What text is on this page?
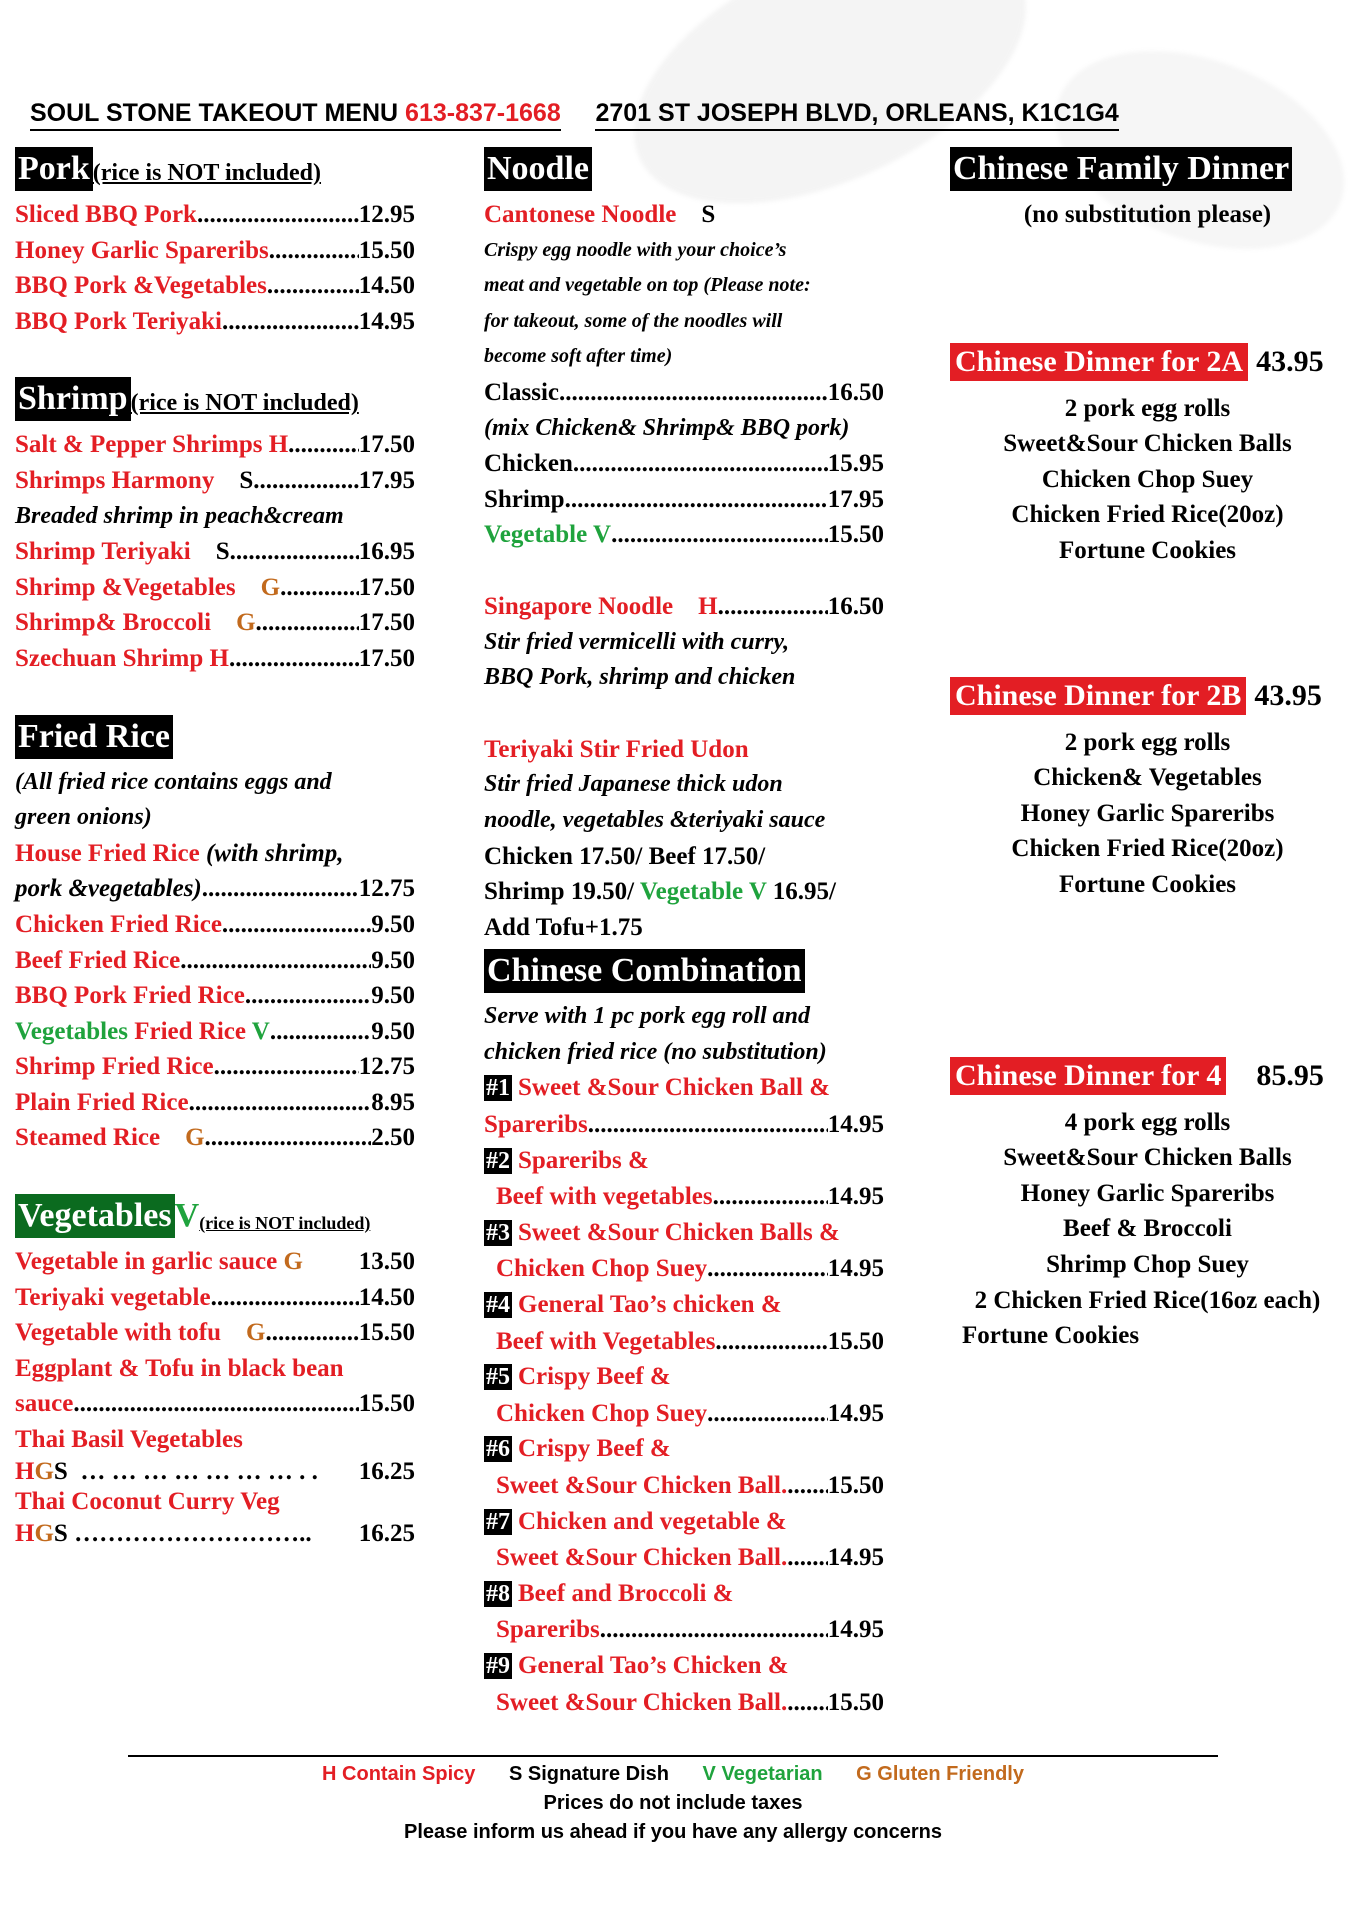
SOUL STONE TAKEOUT MENU 613-837-1668 2701 ST JOSEPH BLVD, ORLEANS, K1C1G4
Pork (rice is NOT included)
Sliced BBQ Pork .....	12.95
Honey Garlic Spareribs .....	15.50
BBQ Pork &Vegetables .....	14.50
BBQ Pork Teriyaki .....	14.95
Shrimp (rice is NOT included)
Salt & Pepper Shrimps H .....	17.50
Shrimps Harmony S .....	17.95
Breaded shrimp in peach&cream
Shrimp Teriyaki S .....	16.95
Shrimp &Vegetables G .....	17.50
Shrimp& Broccoli G .....	17.50
Szechuan Shrimp H .....	17.50
Fried Rice
(All fried rice contains eggs and
green onions)
House Fried Rice (with shrimp,
pork &vegetables) .....	12.75
Chicken Fried Rice .....	9.50
Beef Fried Rice .....	9.50
BBQ Pork Fried Rice .....	9.50
Vegetables Fried Rice V .....	9.50
Shrimp Fried Rice .....	12.75
Plain Fried Rice .....	8.95
Steamed Rice G .....	2.50
Vegetables V (rice is NOT included)
Vegetable in garlic sauce G 13.50
Teriyaki vegetable .....	14.50
Vegetable with tofu G .....	15.50
Eggplant & Tofu in black bean
sauce .....	15.50
Thai Basil Vegetables
HGS … … … … … … … . . 16.25
Thai Coconut Curry Veg
HGS ……………………….. 16.25
Noodle
Cantonese Noodle S
Crispy egg noodle with your choice’s
meat and vegetable on top (Please note:
for takeout, some of the noodles will
become soft after time)
Classic .....	16.50
(mix Chicken& Shrimp& BBQ pork)
Chicken .....	15.95
Shrimp .....	17.95
Vegetable V .....	15.50
Singapore Noodle H .....	16.50
Stir fried vermicelli with curry,
BBQ Pork, shrimp and chicken
Teriyaki Stir Fried Udon
Stir fried Japanese thick udon
noodle, vegetables &teriyaki sauce
Chicken 17.50/ Beef 17.50/
Shrimp 19.50/ Vegetable V 16.95/
Add Tofu+1.75
Chinese Combination
Serve with 1 pc pork egg roll and
chicken fried rice (no substitution)
#1 Sweet &Sour Chicken Ball &
Spareribs .....	14.95
#2 Spareribs &
Beef with vegetables .....	14.95
#3 Sweet &Sour Chicken Balls &
Chicken Chop Suey .....	14.95
#4 General Tao’s chicken &
Beef with Vegetables .....	15.50
#5 Crispy Beef &
Chicken Chop Suey .....	14.95
#6 Crispy Beef &
Sweet &Sour Chicken Ball. ..... 15.50
#7 Chicken and vegetable &
Sweet &Sour Chicken Ball. ..... 14.95
#8 Beef and Broccoli &
Spareribs .....	14.95
#9 General Tao’s Chicken &
Sweet &Sour Chicken Ball. ..... 15.50
Chinese Family Dinner
(no substitution please)
Chinese Dinner for 2A 43.95
2 pork egg rolls
Sweet&Sour Chicken Balls
Chicken Chop Suey
Chicken Fried Rice(20oz)
Fortune Cookies
Chinese Dinner for 2B 43.95
2 pork egg rolls
Chicken& Vegetables
Honey Garlic Spareribs
Chicken Fried Rice(20oz)
Fortune Cookies
Chinese Dinner for 4 85.95
4 pork egg rolls
Sweet&Sour Chicken Balls
Honey Garlic Spareribs
Beef & Broccoli
Shrimp Chop Suey
2 Chicken Fried Rice(16oz each)
Fortune Cookies
H Contain Spicy S Signature Dish V Vegetarian G Gluten Friendly
Prices do not include taxes
Please inform us ahead if you have any allergy concerns
